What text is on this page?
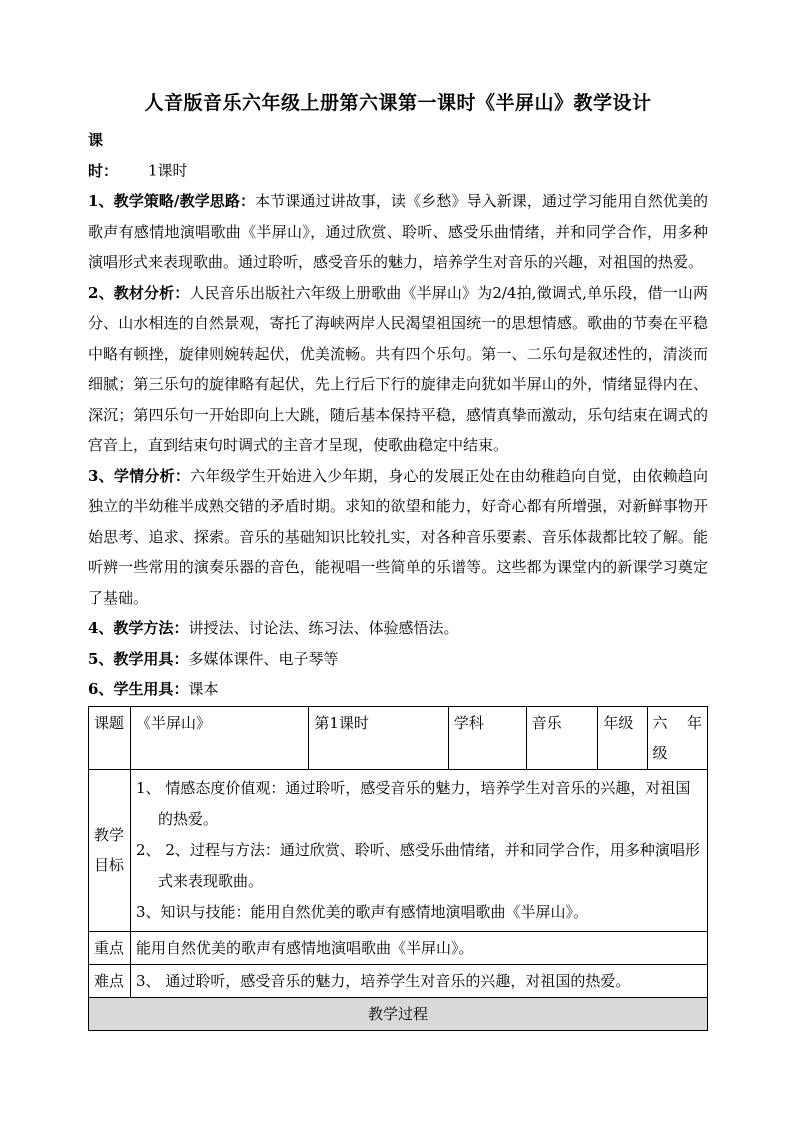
人音版音乐六年级上册第六课第一课时《半屏山》教学设计

课　　时： 1课时

1、教学策略/教学思路：本节课通过讲故事，读《乡愁》导入新课，通过学习能用自然优美的歌声有感情地演唱歌曲《半屏山》，通过欣赏、聆听、感受乐曲情绪，并和同学合作，用多种演唱形式来表现歌曲。通过聆听，感受音乐的魅力，培养学生对音乐的兴趣，对祖国的热爱。

2、教材分析：人民音乐出版社六年级上册歌曲《半屏山》为2/4拍,徵调式,单乐段，借一山两分、山水相连的自然景观，寄托了海峡两岸人民渴望祖国统一的思想情感。歌曲的节奏在平稳中略有顿挫，旋律则婉转起伏，优美流畅。共有四个乐句。第一、二乐句是叙述性的，清淡而细腻；第三乐句的旋律略有起伏，先上行后下行的旋律走向犹如半屏山的外，情绪显得内在、深沉；第四乐句一开始即向上大跳，随后基本保持平稳，感情真挚而激动，乐句结束在调式的宫音上，直到结束句时调式的主音才呈现，使歌曲稳定中结束。

3、学情分析：六年级学生开始进入少年期，身心的发展正处在由幼稚趋向自觉，由依赖趋向独立的半幼稚半成熟交错的矛盾时期。求知的欲望和能力，好奇心都有所增强，对新鲜事物开始思考、追求、探索。音乐的基础知识比较扎实，对各种音乐要素、音乐体裁都比较了解。能听辨一些常用的演奏乐器的音色，能视唱一些简单的乐谱等。这些都为课堂内的新课学习奠定了基础。

4、教学方法：讲授法、讨论法、练习法、体验感悟法。

5、教学用具：多媒体课件、电子琴等

6、学生用具：课本

课题	《半屏山》	第1课时	学科	音乐	年级	六　年级
教学目标	1、 情感态度价值观：通过聆听，感受音乐的魅力，培养学生对音乐的兴趣，对祖国的热爱。
2、 2、过程与方法：通过欣赏、聆听、感受乐曲情绪，并和同学合作，用多种演唱形式来表现歌曲。
3、知识与技能：能用自然优美的歌声有感情地演唱歌曲《半屏山》。					

重点	能用自然优美的歌声有感情地演唱歌曲《半屏山》。					
难点	3、 通过聆听，感受音乐的魅力，培养学生对音乐的兴趣，对祖国的热爱。					
教学过程						
